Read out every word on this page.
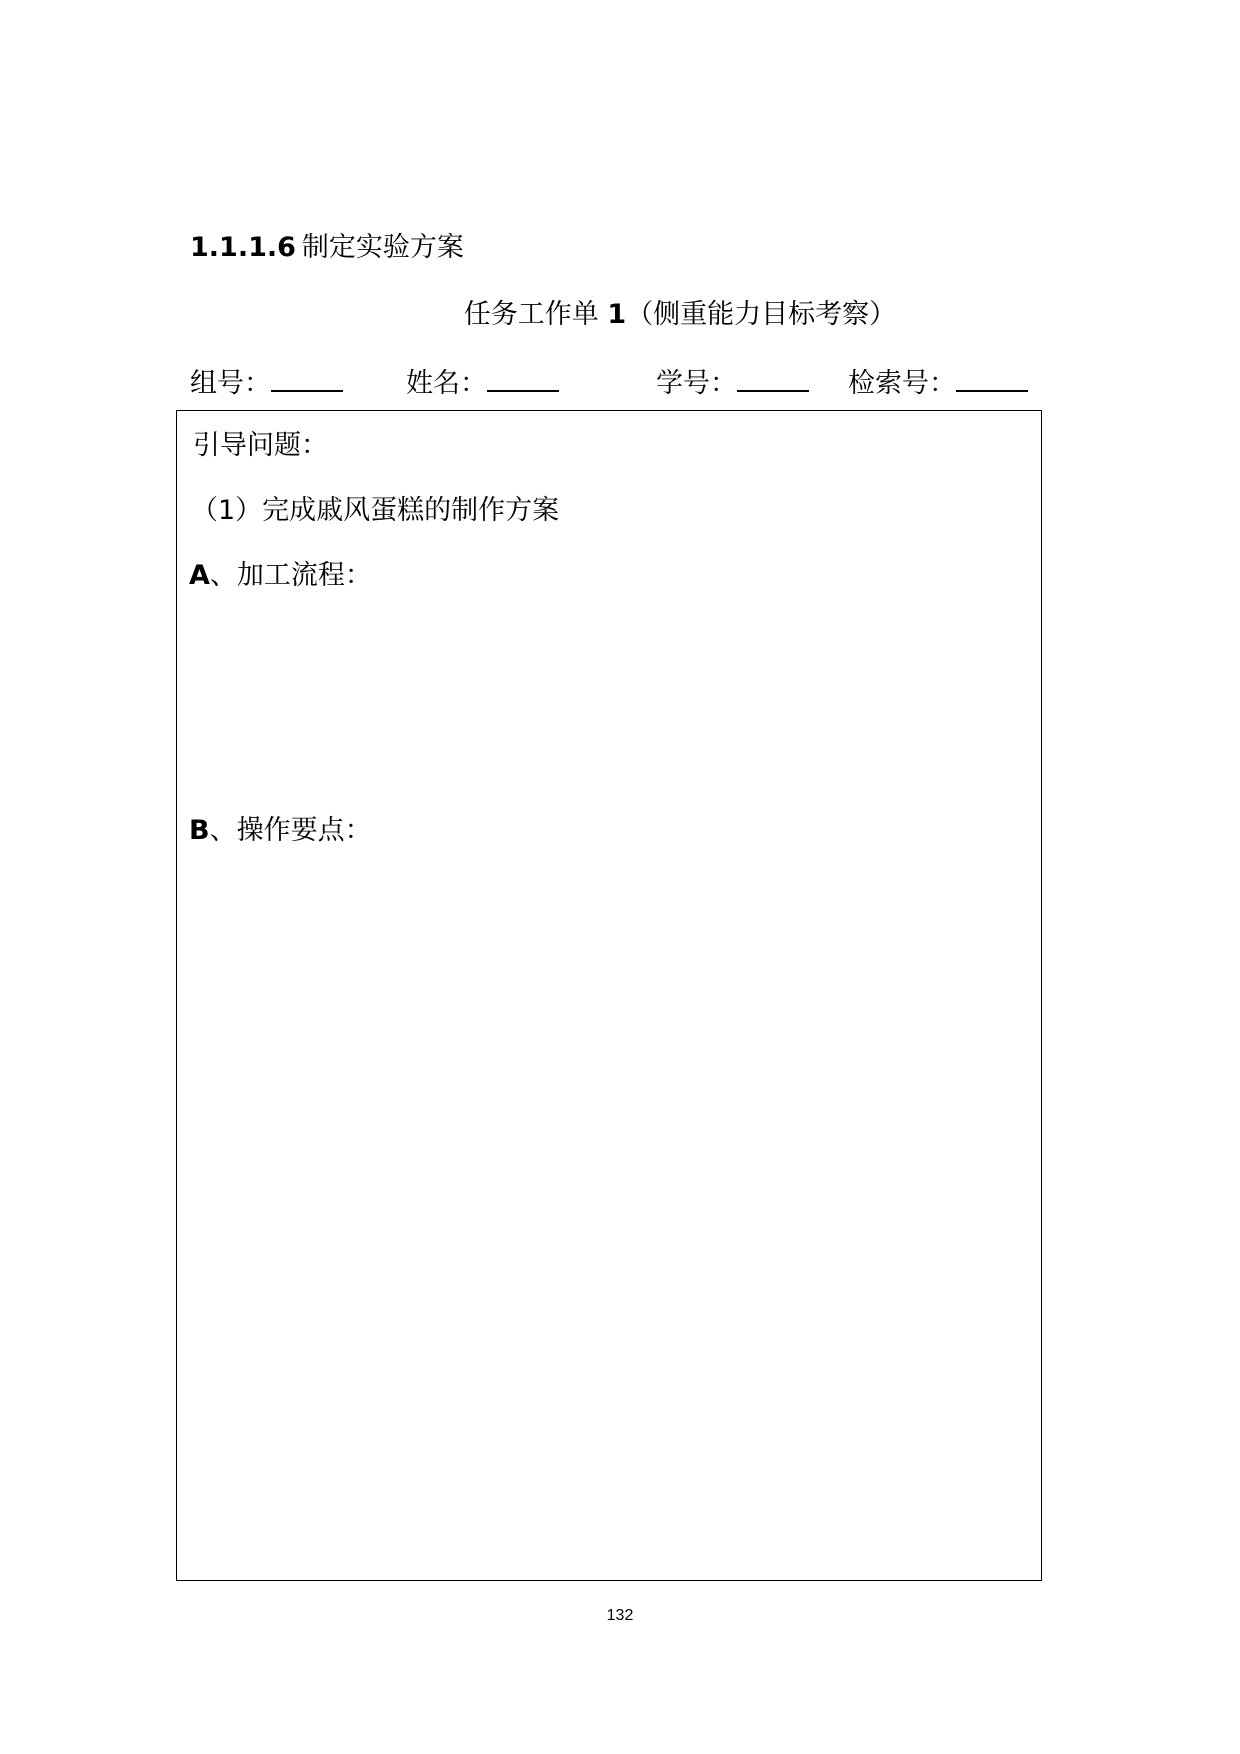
1.1.1.6 制定实验方案
任务工作单 1（侧重能力目标考察）
组号：	姓名：	学号：	检索号：
引导问题：
（1）完成戚风蛋糕的制作方案
A、加工流程：
B、操作要点：
132
